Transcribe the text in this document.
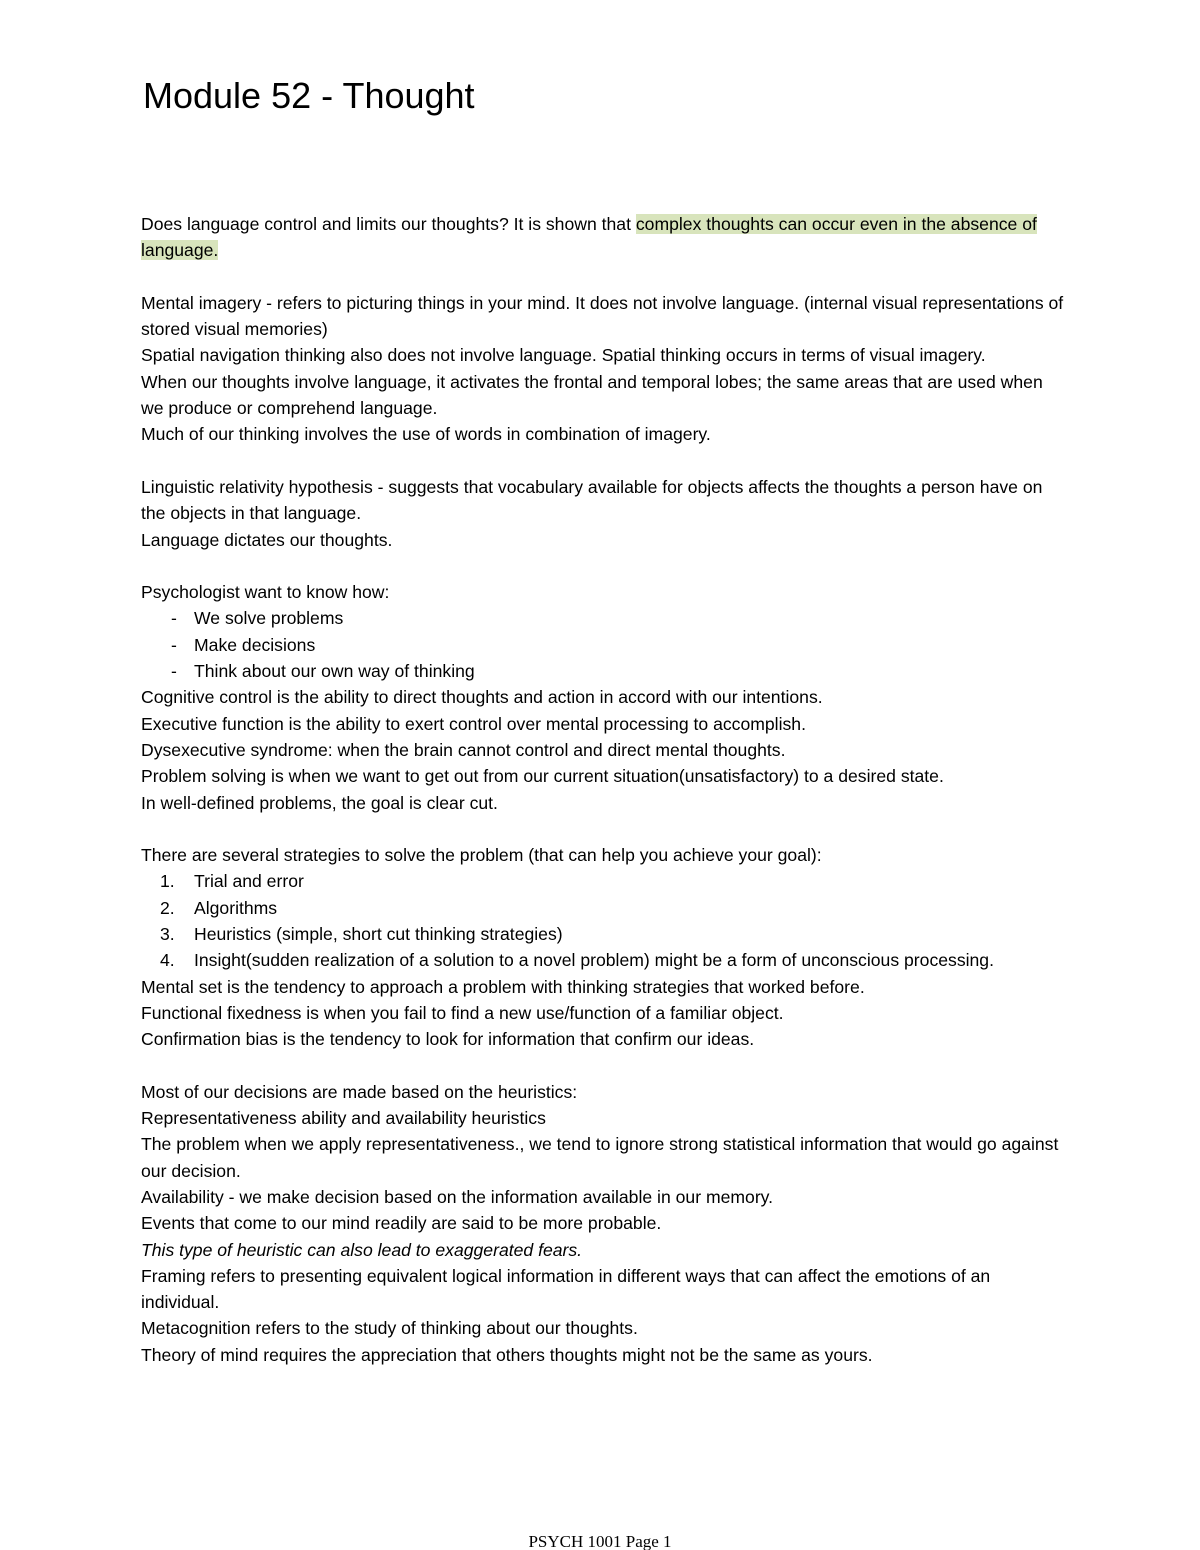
Module 52 - Thought

Does language control and limits our thoughts? It is shown that complex thoughts can occur even in the absence of language.

Mental imagery - refers to picturing things in your mind. It does not involve language. (internal visual representations of stored visual memories)

Spatial navigation thinking also does not involve language. Spatial thinking occurs in terms of visual imagery.

When our thoughts involve language, it activates the frontal and temporal lobes; the same areas that are used when we produce or comprehend language.

Much of our thinking involves the use of words in combination of imagery.

Linguistic relativity hypothesis - suggests that vocabulary available for objects affects the thoughts a person have on the objects in that language.

Language dictates our thoughts.

Psychologist want to know how:

- We solve problems
- Make decisions
- Think about our own way of thinking

Cognitive control is the ability to direct thoughts and action in accord with our intentions.

Executive function is the ability to exert control over mental processing to accomplish.

Dysexecutive syndrome: when the brain cannot control and direct mental thoughts.

Problem solving is when we want to get out from our current situation(unsatisfactory) to a desired state.

In well-defined problems, the goal is clear cut.

There are several strategies to solve the problem (that can help you achieve your goal):

1. Trial and error
2. Algorithms
3. Heuristics (simple, short cut thinking strategies)
4. Insight(sudden realization of a solution to a novel problem) might be a form of unconscious processing.

Mental set is the tendency to approach a problem with thinking strategies that worked before.

Functional fixedness is when you fail to find a new use/function of a familiar object.

Confirmation bias is the tendency to look for information that confirm our ideas.

Most of our decisions are made based on the heuristics:

Representativeness ability and availability heuristics

The problem when we apply representativeness., we tend to ignore strong statistical information that would go against our decision.

Availability - we make decision based on the information available in our memory.

Events that come to our mind readily are said to be more probable.

This type of heuristic can also lead to exaggerated fears.

Framing refers to presenting equivalent logical information in different ways that can affect the emotions of an individual.

Metacognition refers to the study of thinking about our thoughts.

Theory of mind requires the appreciation that others thoughts might not be the same as yours.

PSYCH 1001 Page 1
